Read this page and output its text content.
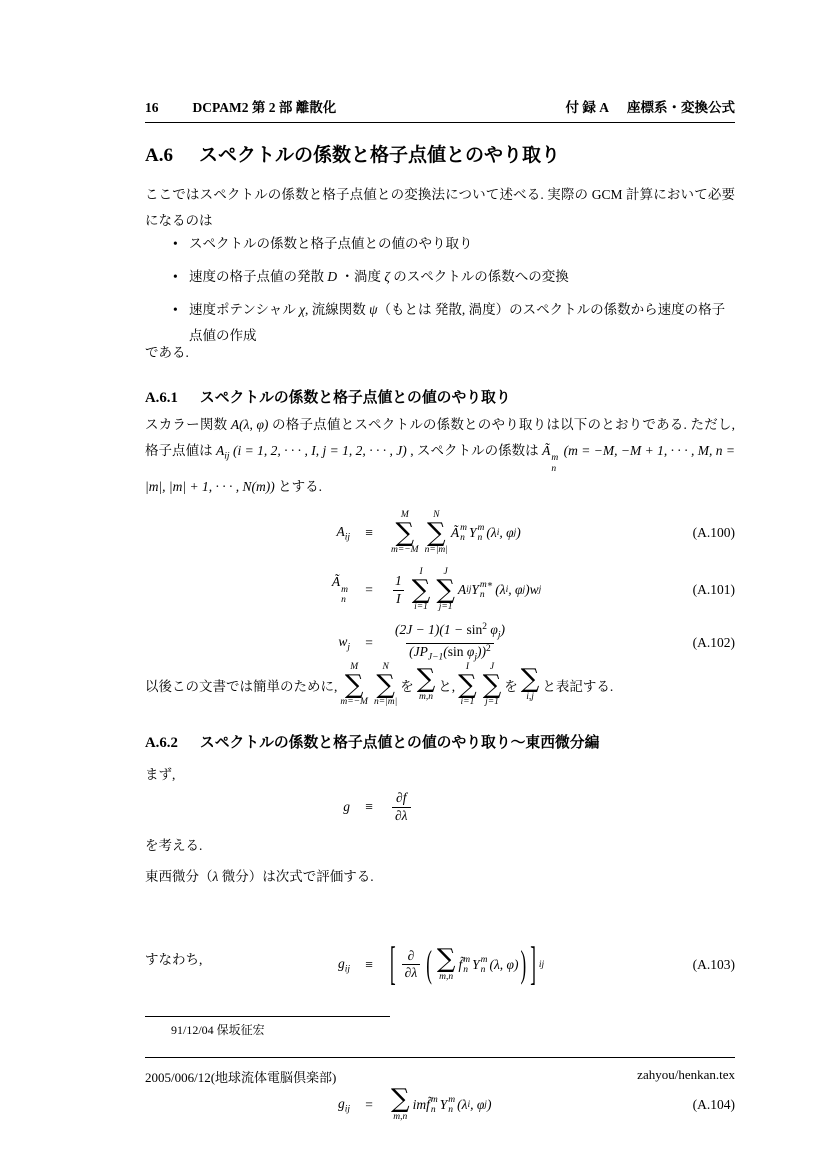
16	DCPAM2 第 2 部 離散化	付 録 A 座標系・変換公式
A.6 スペクトルの係数と格子点値とのやり取り

ここではスペクトルの係数と格子点値との変換法について述べる. 実際の GCM 計算において必要になるのは

• スペクトルの係数と格子点値との値のやり取り
• 速度の格子点値の発散 D ・渦度 ζ のスペクトルの係数への変換
• 速度ポテンシャル χ, 流線関数 ψ（もとは 発散, 渦度）のスペクトルの係数から速度の格子点値の作成

である.

A.6.1 スペクトルの係数と格子点値との値のやり取り

スカラー関数 A(λ, φ) の格子点値とスペクトルの係数とのやり取りは以下のとおりである. ただし, 格子点値は $A_{ij}$ (i = 1, 2, · · · , I, j = 1, 2, · · · , J) , スペクトルの係数は Ã
m
n
(m = −M, −M + 1, · · · , M, n = |m|, |m| + 1, · · · , N(m)) とする.

$A_{ij}$ ≡
M
∑
m=−M
N
∑
n=|m|
Ã m
n Y m
n (λ i , φ j )	(A.100)
Ã
m
n
= $\frac{1}{I}$
I
∑
i=1
J
∑
j=1
A ij Y m∗
n (λ i , φ j ) w j	(A.101)
$w_j = \frac{(2J - 1)(1 - \sin^2 \varphi_j)}{(JP_{J-1}(\sin \varphi_j))^2}$	(A.102)
以後この文書では簡単のために,
M
∑
m=−M
N
∑
n=|m|
を ∑
m,n
と,
I
∑
i=1
J
∑
j=1
を ∑
i,j
と表記する.
A.6.2 スペクトルの係数と格子点値との値のやり取り～東西微分編

まず,

$g \equiv \frac{\partial f}{\partial\lambda}$

を考える.

東西微分（λ 微分）は次式で評価する.

$g_{ij}$ ≡ [ $\frac{\partial}{\partial\lambda}$ ( ∑
m,n
f̃ m
n Y m
n (λ, φ) ) ] ij	(A.103)

すなわち,

$g_{ij}$ = ∑
m,n
im f̃ m
n Y m
n (λ i , φ j )	(A.104)
91/12/04 保坂征宏
2005/006/12(地球流体電脳倶楽部)	zahyou/henkan.tex
